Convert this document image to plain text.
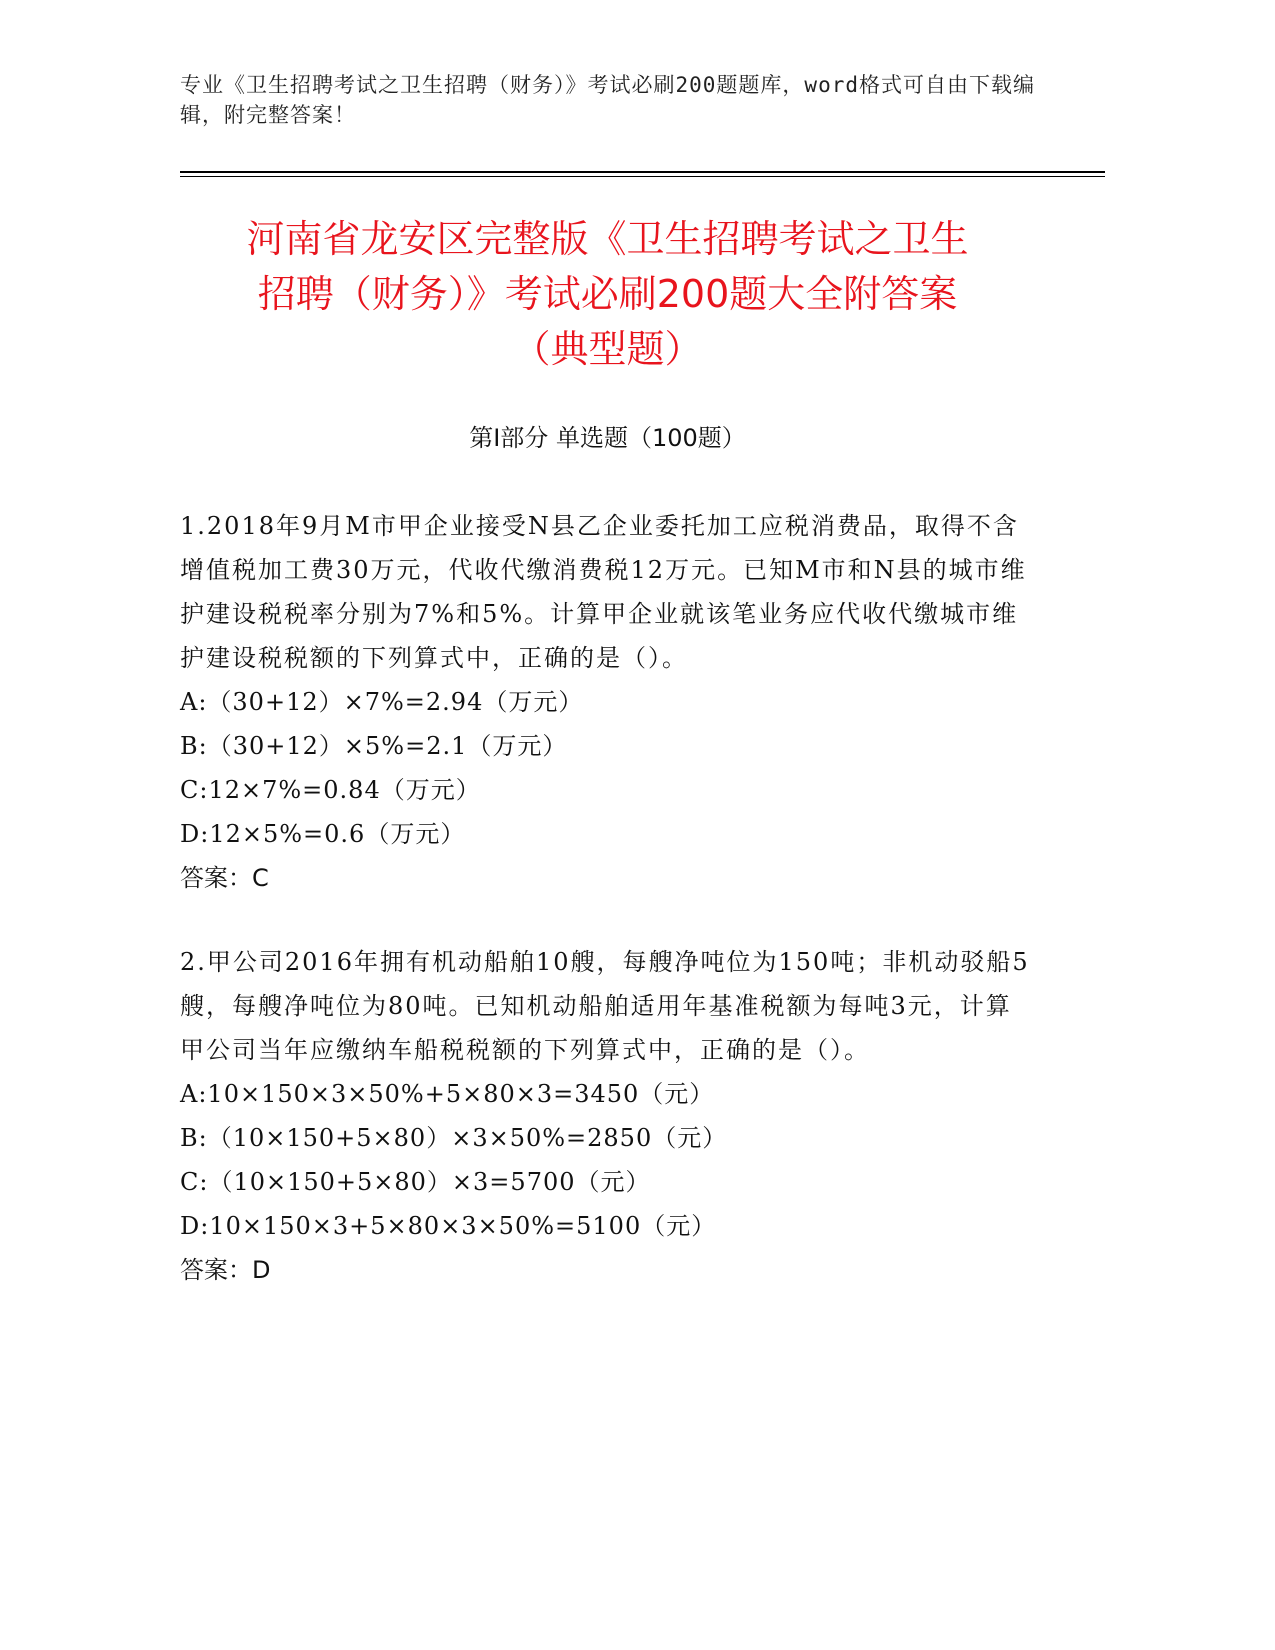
专业《卫生招聘考试之卫生招聘（财务）》考试必刷200题题库，word格式可自由下载编辑，附完整答案！
河南省龙安区完整版《卫生招聘考试之卫生
招聘（财务）》考试必刷200题大全附答案
（典型题）
第Ⅰ部分 单选题（100题）

1.2018年9月M市甲企业接受N县乙企业委托加工应税消费品，取得不含增值税加工费30万元，代收代缴消费税12万元。已知M市和N县的城市维护建设税税率分别为7%和5%。计算甲企业就该笔业务应代收代缴城市维护建设税税额的下列算式中，正确的是（）。

A:（30+12）×7%=2.94（万元）

B:（30+12）×5%=2.1（万元）

C:12×7%=0.84（万元）

D:12×5%=0.6（万元）

答案：C

2.甲公司2016年拥有机动船舶10艘，每艘净吨位为150吨；非机动驳船5艘，每艘净吨位为80吨。已知机动船舶适用年基准税额为每吨3元，计算甲公司当年应缴纳车船税税额的下列算式中，正确的是（）。

A:10×150×3×50%+5×80×3=3450（元）

B:（10×150+5×80）×3×50%=2850（元）

C:（10×150+5×80）×3=5700（元）

D:10×150×3+5×80×3×50%=5100（元）

答案：D
